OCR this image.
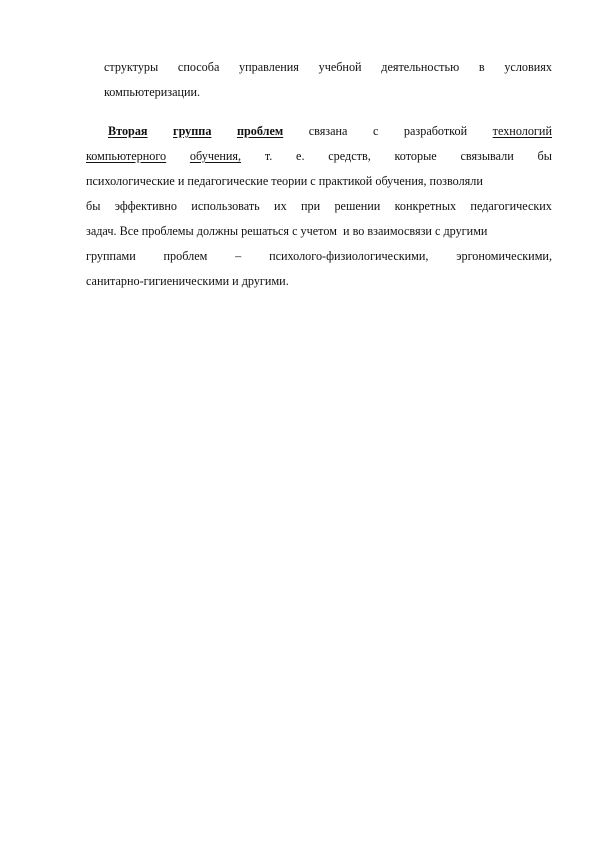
структуры способа управления учебной деятельностью в условиях
компьютеризации.
Вторая группа проблем связана с разработкой технологий
компьютерного обучения, т. е. средств, которые связывали бы
психологические и педагогические теории с практикой обучения, позволяли
бы эффективно использовать их при решении конкретных педагогических
задач. Все проблемы должны решаться с учетом  и во взаимосвязи с другими
группами проблем – психолого-физиологическими, эргономическими,
санитарно-гигиеническими и другими.
